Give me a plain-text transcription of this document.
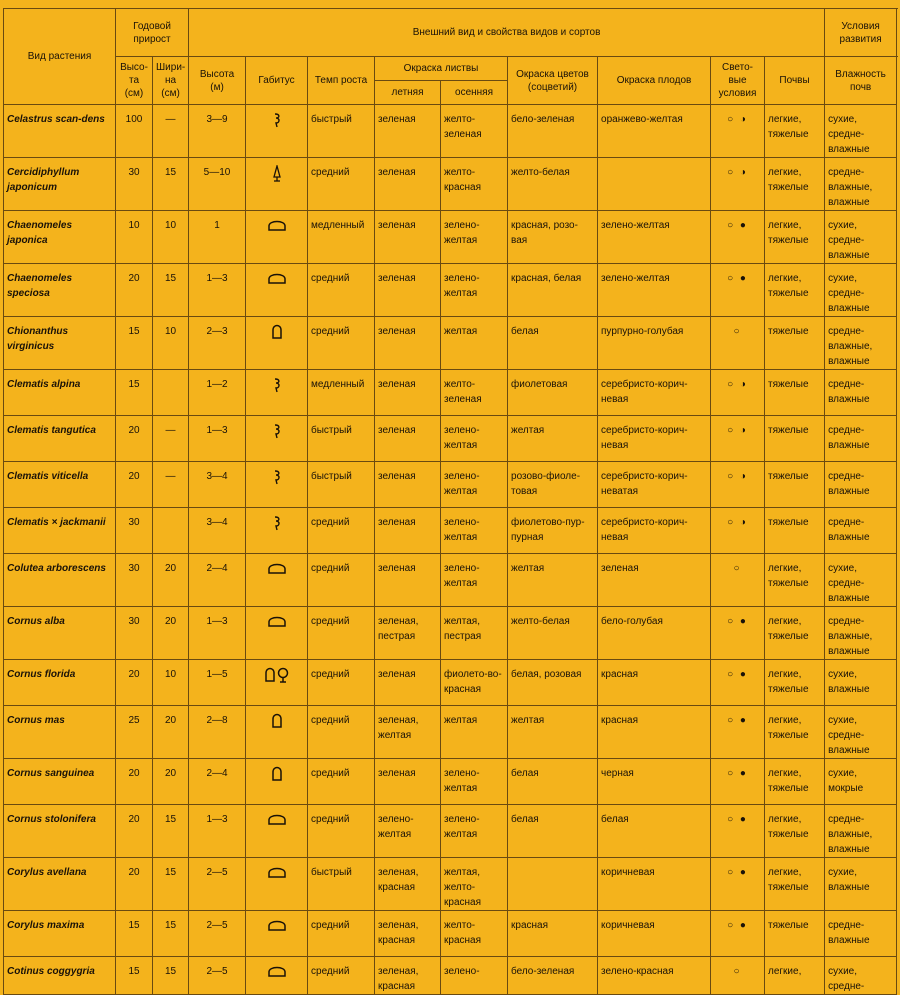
Вид растения	Годовой прирост		Внешний вид и свойства видов и сортов									Условия развития
	Высо-та (см)	Шири-на (см)	Высота (м)	Габитус	Темп роста	Окраска листвы		Окраска цветов (соцветий)	Окраска плодов	Свето-вые условия	Почвы	Влажность почв
						летняя	осенняя					
Celastrus scan-dens	100	—	3—9		быстрый	зеленая	желто-зеленая	бело-зеленая	оранжево-желтая	○ ◑	легкие, тяжелые	сухие, средне-влажные
Cercidiphyllum japonicum	30	15	5—10		средний	зеленая	желто-красная	желто-белая		○ ◑	легкие, тяжелые	средне-влажные, влажные
Chaenomeles japonica	10	10	1		медленный	зеленая	зелено-желтая	красная, розо-вая	зелено-желтая	○ ●	легкие, тяжелые	сухие, средне-влажные
Chaenomeles speciosa	20	15	1—3		средний	зеленая	зелено-желтая	красная, белая	зелено-желтая	○ ●	легкие, тяжелые	сухие, средне-влажные
Chionanthus virginicus	15	10	2—3		средний	зеленая	желтая	белая	пурпурно-голубая	○	тяжелые	средне-влажные, влажные
Clematis alpina	15		1—2		медленный	зеленая	желто-зеленая	фиолетовая	серебристо-корич-невая	○ ◑	тяжелые	средне-влажные
Clematis tangutica	20	—	1—3		быстрый	зеленая	зелено-желтая	желтая	серебристо-корич-невая	○ ◑	тяжелые	средне-влажные
Clematis viticella	20	—	3—4		быстрый	зеленая	зелено-желтая	розово-фиоле-товая	серебристо-корич-неватая	○ ◑	тяжелые	средне-влажные
Clematis × jackmanii	30		3—4		средний	зеленая	зелено-желтая	фиолетово-пур-пурная	серебристо-корич-невая	○ ◑	тяжелые	средне-влажные
Colutea arborescens	30	20	2—4		средний	зеленая	зелено-желтая	желтая	зеленая	○	легкие, тяжелые	сухие, средне-влажные
Cornus alba	30	20	1—3		средний	зеленая, пестрая	желтая, пестрая	желто-белая	бело-голубая	○ ●	легкие, тяжелые	средне-влажные, влажные
Cornus florida	20	10	1—5		средний	зеленая	фиолето-во-красная	белая, розовая	красная	○ ●	легкие, тяжелые	сухие, влажные
Cornus mas	25	20	2—8		средний	зеленая, желтая	желтая	желтая	красная	○ ●	легкие, тяжелые	сухие, средне-влажные
Cornus sanguinea	20	20	2—4		средний	зеленая	зелено-желтая	белая	черная	○ ●	легкие, тяжелые	сухие, мокрые
Cornus stolonifera	20	15	1—3		средний	зелено-желтая	зелено-желтая	белая	белая	○ ●	легкие, тяжелые	средне-влажные, влажные
Corylus avellana	20	15	2—5		быстрый	зеленая, красная	желтая, желто-красная		коричневая	○ ●	легкие, тяжелые	сухие, влажные
Corylus maxima	15	15	2—5		средний	зеленая, красная	желто-красная	красная	коричневая	○ ●	тяжелые	средне-влажные
Cotinus coggygria	15	15	2—5		средний	зеленая, красная	зелено-	бело-зеленая	зелено-красная	○	легкие,	сухие, средне-
